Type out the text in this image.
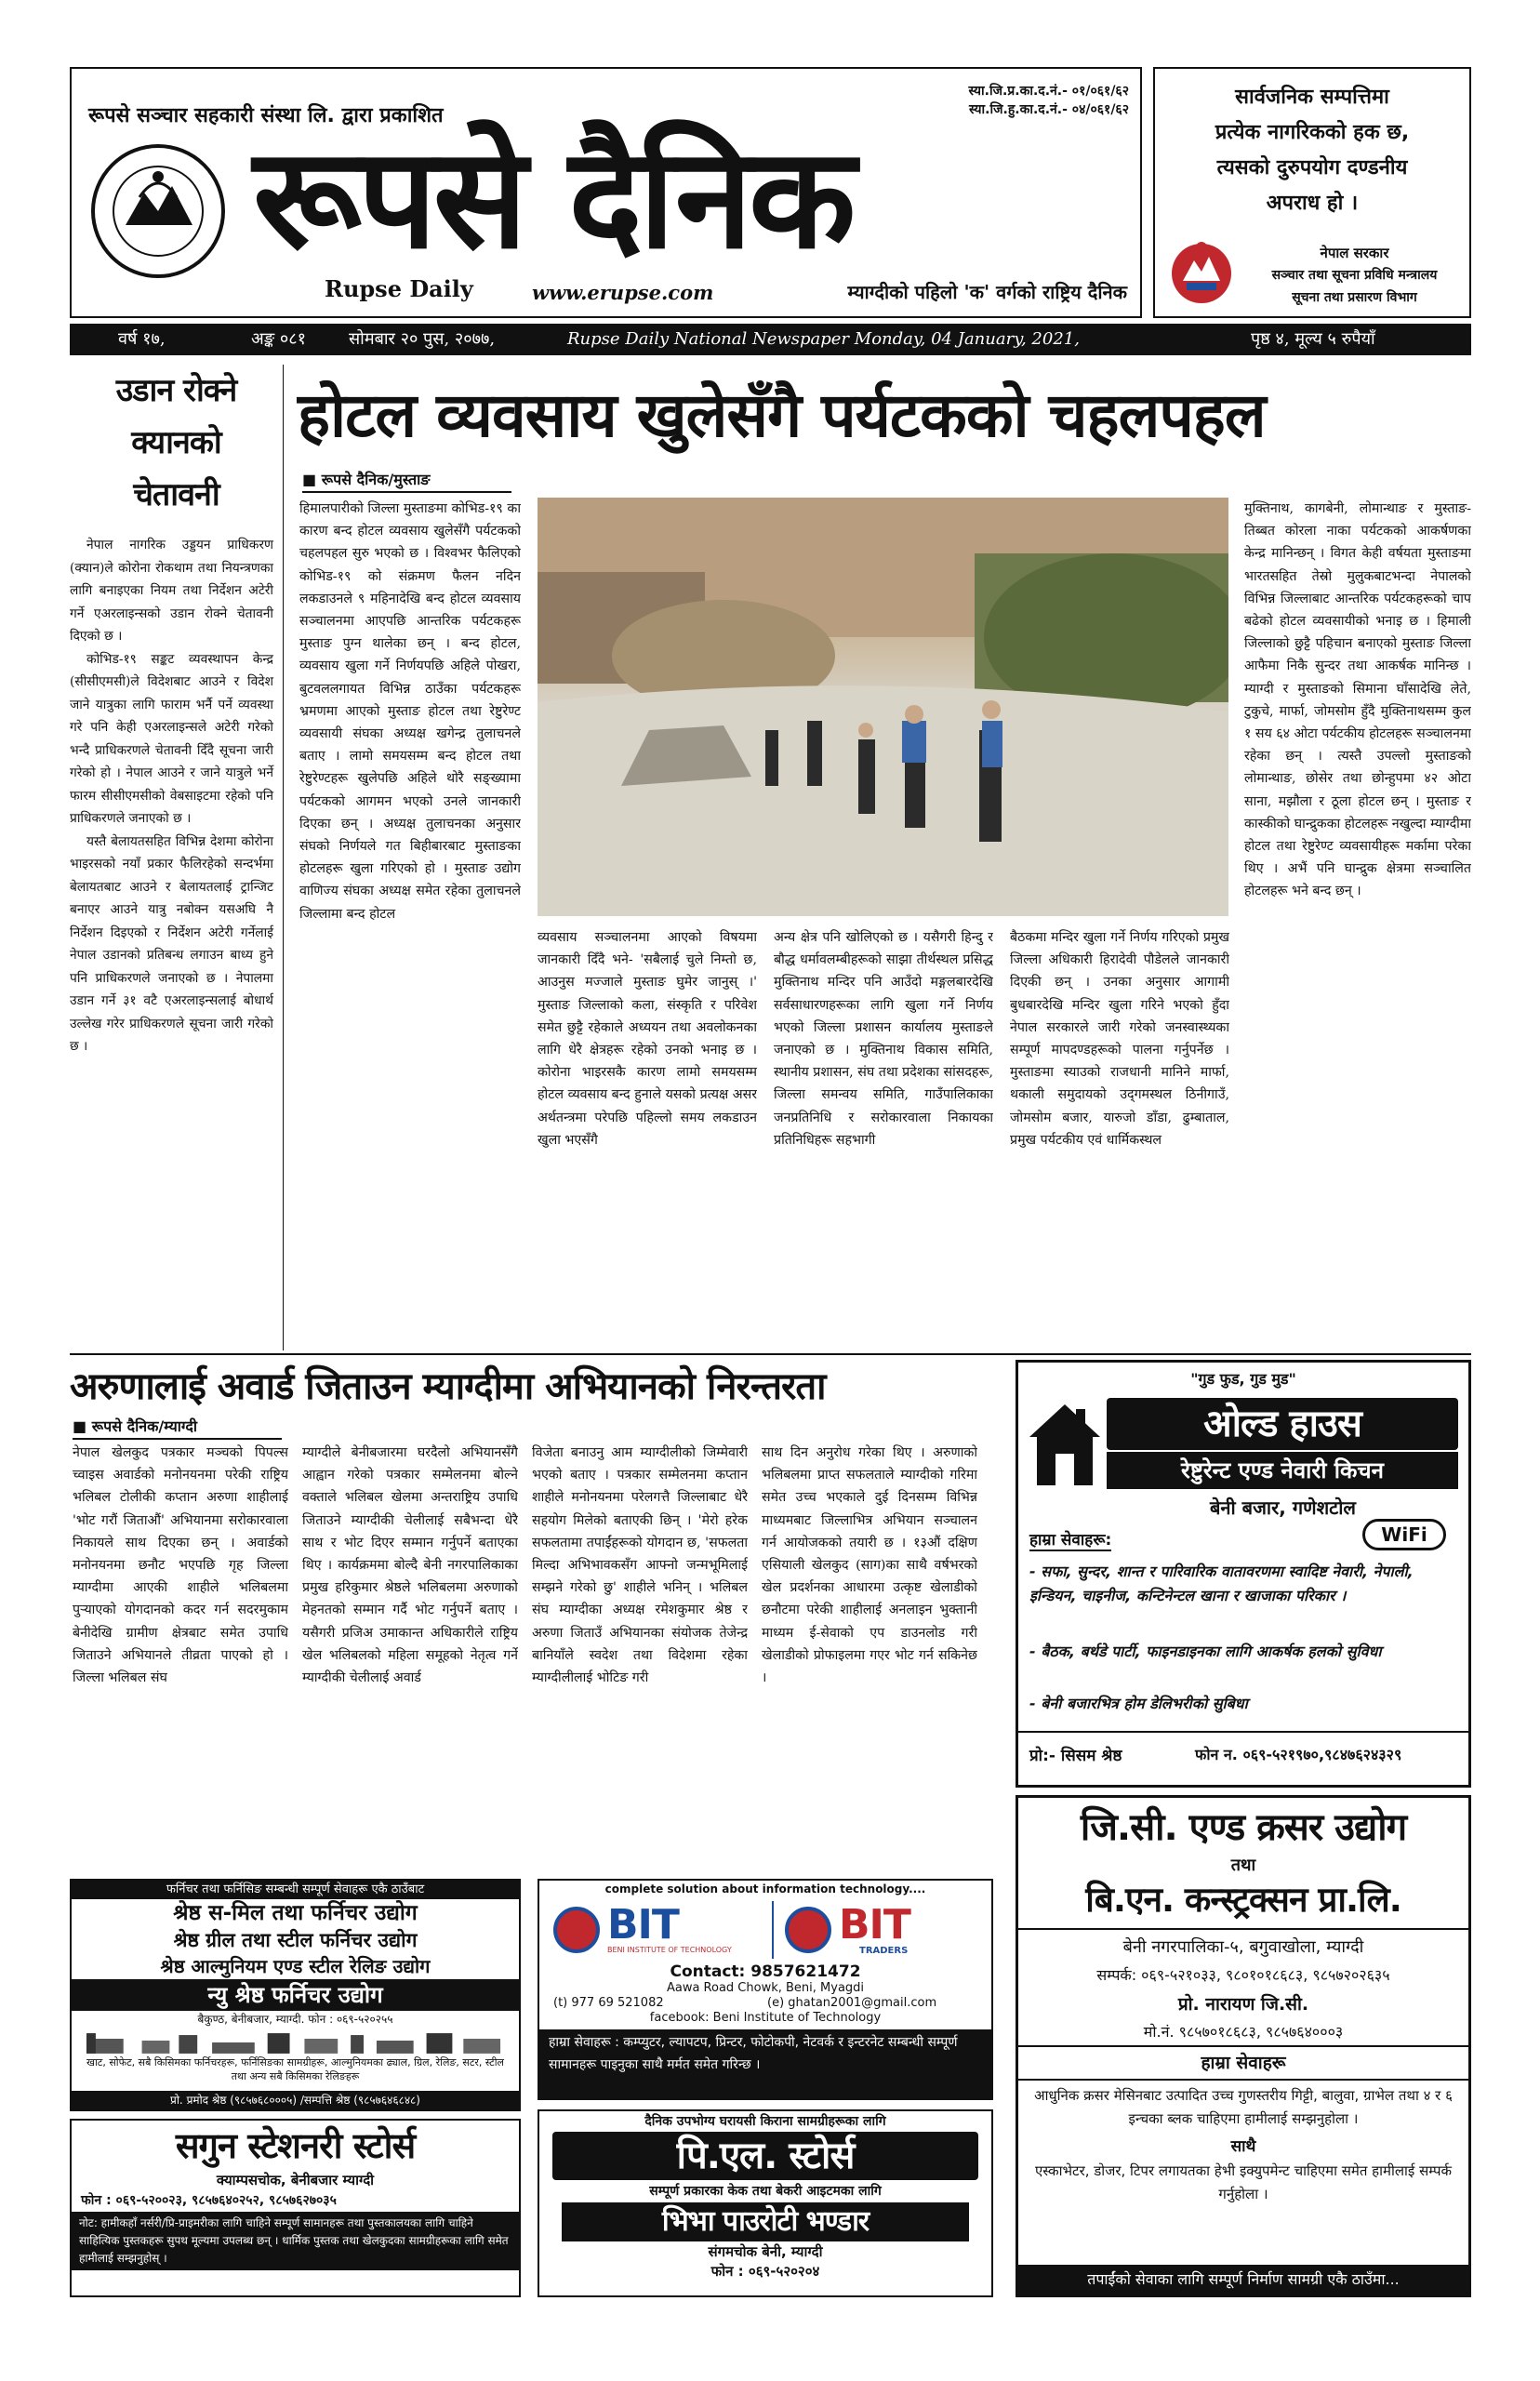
रूपसे सञ्चार सहकारी संस्था लि. द्वारा प्रकाशित
स्या.जि.प्र.का.द.नं.- ०१/०६१/६२
स्या.जि.हु.का.द.नं.- ०४/०६१/६२
रूपसे दैनिक
Rupse Daily	www.erupse.com	म्याग्दीको पहिलो 'क' वर्गको राष्ट्रिय दैनिक
सार्वजनिक सम्पत्तिमा
प्रत्येक नागरिकको हक छ,
त्यसको दुरुपयोग दण्डनीय
अपराध हो ।
नेपाल सरकार
सञ्चार तथा सूचना प्रविधि मन्त्रालय
सूचना तथा प्रसारण विभाग
वर्ष १७,	अङ्क ०८१	सोमबार २० पुस, २०७७,	Rupse Daily National Newspaper Monday, 04 January, 2021,	पृष्ठ ४, मूल्य ५ रुपैयाँ
उडान रोक्ने
क्यानको
चेतावनी

नेपाल नागरिक उड्डयन प्राधिकरण (क्यान)ले कोरोना रोकथाम तथा नियन्त्रणका लागि बनाइएका नियम तथा निर्देशन अटेरी गर्ने एअरलाइन्सको उडान रोक्ने चेतावनी दिएको छ ।

कोभिड-१९ सङ्कट व्यवस्थापन केन्द्र (सीसीएमसी)ले विदेशबाट आउने र विदेश जाने यात्रुका लागि फाराम भर्नै पर्ने व्यवस्था गरे पनि केही एअरलाइन्सले अटेरी गरेको भन्दै प्राधिकरणले चेतावनी दिँदै सूचना जारी गरेको हो । नेपाल आउने र जाने यात्रुले भर्ने फारम सीसीएमसीको वेबसाइटमा रहेको पनि प्राधिकरणले जनाएको छ ।

यस्तै बेलायतसहित विभिन्न देशमा कोरोना भाइरसको नयाँ प्रकार फैलिरहेको सन्दर्भमा बेलायतबाट आउने र बेलायतलाई ट्रान्जिट बनाएर आउने यात्रु नबोक्न यसअघि नै निर्देशन दिइएको र निर्देशन अटेरी गर्नेलाई नेपाल उडानको प्रतिबन्ध लगाउन बाध्य हुने पनि प्राधिकरणले जनाएको छ । नेपालमा उडान गर्ने ३१ वटै एअरलाइन्सलाई बोधार्थ उल्लेख गरेर प्राधिकरणले सूचना जारी गरेको छ ।

होटल व्यवसाय खुलेसँगै पर्यटकको चहलपहल
■ रूपसे दैनिक/मुस्ताङ
हिमालपारीको जिल्ला मुस्ताङमा कोभिड-१९ का कारण बन्द होटल व्यवसाय खुलेसँगै पर्यटकको चहलपहल सुरु भएको छ । विश्वभर फैलिएको कोभिड-१९ को संक्रमण फैलन नदिन लकडाउनले ९ महिनादेखि बन्द होटल व्यवसाय सञ्चालनमा आएपछि आन्तरिक पर्यटकहरू मुस्ताङ पुग्न थालेका छन् । बन्द होटल, व्यवसाय खुला गर्ने निर्णयपछि अहिले पोखरा, बुटवललगायत विभिन्न ठाउँका पर्यटकहरू भ्रमणमा आएको मुस्ताङ होटल तथा रेष्टुरेण्ट व्यवसायी संघका अध्यक्ष खगेन्द्र तुलाचनले बताए । लामो समयसम्म बन्द होटल तथा रेष्टुरेण्टहरू खुलेपछि अहिले थोरै सङ्ख्यामा पर्यटकको आगमन भएको उनले जानकारी दिएका छन् । अध्यक्ष तुलाचनका अनुसार संघको निर्णयले गत बिहीबारबाट मुस्ताङका होटलहरू खुला गरिएको हो । मुस्ताङ उद्योग वाणिज्य संघका अध्यक्ष समेत रहेका तुलाचनले जिल्लामा बन्द होटल
व्यवसाय सञ्चालनमा आएको विषयमा जानकारी दिँदै भने- 'सबैलाई चुले निम्तो छ, आउनुस मज्जाले मुस्ताङ घुमेर जानुस् ।' मुस्ताङ जिल्लाको कला, संस्कृति र परिवेश समेत छुट्टै रहेकाले अध्ययन तथा अवलोकनका लागि धेरै क्षेत्रहरू रहेको उनको भनाइ छ । कोरोना भाइरसकै कारण लामो समयसम्म होटल व्यवसाय बन्द हुनाले यसको प्रत्यक्ष असर अर्थतन्त्रमा परेपछि पहिल्लो समय लकडाउन खुला भएसँगै
अन्य क्षेत्र पनि खोलिएको छ । यसैगरी हिन्दु र बौद्ध धर्मावलम्बीहरूको साझा तीर्थस्थल प्रसिद्ध मुक्तिनाथ मन्दिर पनि आउँदो मङ्गलबारदेखि सर्वसाधारणहरूका लागि खुला गर्ने निर्णय भएको जिल्ला प्रशासन कार्यालय मुस्ताङले जनाएको छ । मुक्तिनाथ विकास समिति, स्थानीय प्रशासन, संघ तथा प्रदेशका सांसदहरू, जिल्ला समन्वय समिति, गाउँपालिकाका जनप्रतिनिधि र सरोकारवाला निकायका प्रतिनिधिहरू सहभागी
बैठकमा मन्दिर खुला गर्ने निर्णय गरिएको प्रमुख जिल्ला अधिकारी हिरादेवी पौडेलले जानकारी दिएकी छन् । उनका अनुसार आगामी बुधबारदेखि मन्दिर खुला गरिने भएको हुँदा नेपाल सरकारले जारी गरेको जनस्वास्थ्यका सम्पूर्ण मापदण्डहरूको पालना गर्नुपर्नेछ । मुस्ताङमा स्याउको राजधानी मानिने मार्फा, थकाली समुदायको उद्‍गमस्थल ठिनीगाउँ, जोमसोम बजार, यारुजो डाँडा, ढुम्बाताल, प्रमुख पर्यटकीय एवं धार्मिकस्थल
मुक्तिनाथ, कागबेनी, लोमान्थाङ र मुस्ताङ-तिब्बत कोरला नाका पर्यटकको आकर्षणका केन्द्र मानिन्छन् । विगत केही वर्षयता मुस्ताङमा भारतसहित तेस्रो मुलुकबाटभन्दा नेपालको विभिन्न जिल्लाबाट आन्तरिक पर्यटकहरूको चाप बढेको होटल व्यवसायीको भनाइ छ । हिमाली जिल्लाको छुट्टै पहिचान बनाएको मुस्ताङ जिल्ला आफैमा निकै सुन्दर तथा आकर्षक मानिन्छ । म्याग्दी र मुस्ताङको सिमाना घाँसादेखि लेते, टुकुचे, मार्फा, जोमसोम हुँदै मुक्तिनाथसम्म कुल १ सय ६४ ओटा पर्यटकीय होटलहरू सञ्चालनमा रहेका छन् । त्यस्तै उपल्लो मुस्ताङको लोमान्थाङ, छोसेर तथा छोन्हुपमा ४२ ओटा साना, मझौला र ठूला होटल छन् । मुस्ताङ र कास्कीको घान्द्रुकका होटलहरू नखुल्दा म्याग्दीमा होटल तथा रेष्टुरेण्ट व्यवसायीहरू मर्कामा परेका थिए । अभैं पनि घान्द्रुक क्षेत्रमा सञ्चालित होटलहरू भने बन्द छन् ।
अरुणालाई अवार्ड जिताउन म्याग्दीमा अभियानको निरन्तरता
■ रूपसे दैनिक/म्याग्दी
नेपाल खेलकुद पत्रकार मञ्चको पिपल्स च्वाइस अवार्डको मनोनयनमा परेकी राष्ट्रिय भलिबल टोलीकी कप्तान अरुणा शाहीलाई 'भोट गरौं जिताऔं' अभियानमा सरोकारवाला निकायले साथ दिएका छन् । अवार्डको मनोनयनमा छनौट भएपछि गृह जिल्ला म्याग्दीमा आएकी शाहीले भलिबलमा पुऱ्याएको योगदानको कदर गर्न सदरमुकाम बेनीदेखि ग्रामीण क्षेत्रबाट समेत उपाधि जिताउने अभियानले तीव्रता पाएको हो । जिल्ला भलिबल संघ
म्याग्दीले बेनीबजारमा घरदैलो अभियानसँगै आह्वान गरेको पत्रकार सम्मेलनमा बोल्ने वक्ताले भलिबल खेलमा अन्तराष्ट्रिय उपाधि जिताउने म्याग्दीकी चेलीलाई सबैभन्दा धेरै साथ र भोट दिएर सम्मान गर्नुपर्ने बताएका थिए । कार्यक्रममा बोल्दै बेनी नगरपालिकाका प्रमुख हरिकुमार श्रेष्ठले भलिबलमा अरुणाको मेहनतको सम्मान गर्दै भोट गर्नुपर्ने बताए । यसैगरी प्रजिअ उमाकान्त अधिकारीले राष्ट्रिय खेल भलिबलको महिला समूहको नेतृत्व गर्ने म्याग्दीकी चेलीलाई अवार्ड
विजेता बनाउनु आम म्याग्दीलीको जिम्मेवारी भएको बताए । पत्रकार सम्मेलनमा कप्तान शाहीले मनोनयनमा परेलगत्तै जिल्लाबाट धेरै सहयोग मिलेको बताएकी छिन् । 'मेरो हरेक सफलतामा तपाईंहरूको योगदान छ, 'सफलता मिल्दा अभिभावकसँग आफ्नो जन्मभूमिलाई सम्झने गरेको छु' शाहीले भनिन् । भलिबल संघ म्याग्दीका अध्यक्ष रमेशकुमार श्रेष्ठ र अरुणा जिताउँ अभियानका संयोजक तेजेन्द्र बानियाँले स्वदेश तथा विदेशमा रहेका म्याग्दीलीलाई भोटिङ गरी
साथ दिन अनुरोध गरेका थिए । अरुणाको भलिबलमा प्राप्त सफलताले म्याग्दीको गरिमा समेत उच्च भएकाले दुई दिनसम्म विभिन्न माध्यमबाट जिल्लाभित्र अभियान सञ्चालन गर्न आयोजकको तयारी छ । १३औं दक्षिण एसियाली खेलकुद (साग)का साथै वर्षभरको खेल प्रदर्शनका आधारमा उत्कृष्ट खेलाडीको छनौटमा परेकी शाहीलाई अनलाइन भुक्तानी माध्यम ई-सेवाको एप डाउनलोड गरी खेलाडीको प्रोफाइलमा गएर भोट गर्न सकिनेछ ।
"गुड फुड, गुड मुड"
ओल्ड हाउस
रेष्टुरेन्ट एण्ड नेवारी किचन
बेनी बजार, गणेशटोल
हाम्रा सेवाहरू:	WiFi
- सफा, सुन्दर, शान्त र पारिवारिक वातावरणमा स्वादिष्ट नेवारी, नेपाली, इन्डियन, चाइनीज, कन्टिनेन्टल खाना र खाजाका परिकार ।
- बैठक, बर्थडे पार्टी, फाइनडाइनका लागि आकर्षक हलको सुविधा
- बेनी बजारभित्र होम डेलिभरीको सुबिधा
प्रो:- सिसम श्रेष्ठ	फोन न. ०६९-५२१९७०,९८४७६२४३२९
जि.सी. एण्ड क्रसर उद्योग
तथा
बि.एन. कन्स्ट्रक्सन प्रा.लि.
बेनी नगरपालिका-५, बगुवाखोला, म्याग्दी
सम्पर्क: ०६९-५२१०३३, ९८०१०१८६८३, ९८५७२०२६३५
प्रो. नारायण जि.सी.
मो.नं. ९८५७०१८६८३, ९८५७६४०००३
हाम्रा सेवाहरू
आधुनिक क्रसर मेसिनबाट उत्पादित उच्च गुणस्तरीय गिट्टी, बालुवा, ग्राभेल तथा ४ र ६ इन्चका ब्लक चाहिएमा हामीलाई सम्झनुहोला ।
साथै
एस्काभेटर, डोजर, टिपर लगायतका हेभी इक्युपमेन्ट चाहिएमा समेत हामीलाई सम्पर्क गर्नुहोला ।
तपाईंको सेवाका लागि सम्पूर्ण निर्माण सामग्री एकै ठाउँमा...
फर्निचर तथा फर्निसिङ सम्बन्धी सम्पूर्ण सेवाहरू एकै ठाउँबाट
श्रेष्ठ स-मिल तथा फर्निचर उद्योग
श्रेष्ठ ग्रील तथा स्टील फर्निचर उद्योग
श्रेष्ठ आल्मुनियम एण्ड स्टील रेलिङ उद्योग
न्यु श्रेष्ठ फर्निचर उद्योग
बैकुण्ठ, बेनीबजार, म्याग्दी. फोन : ०६९-५२०२५५
खाट, सोफेट, सबै किसिमका फर्निचरहरू, फर्निसिङका सामग्रीहरू, आल्मुनियमका ढ्याल, ग्रिल, रेलिङ, सटर, स्टील तथा अन्य सबै किसिमका रेलिङहरू
प्रो. प्रमोद श्रेष्ठ (९८५७६८०००५) /सम्पत्ति श्रेष्ठ (९८५७६४६८४८)
complete solution about information technology....
BIT
BENI INSTITUTE OF TECHNOLOGY
BIT
TRADERS
Contact: 9857621472
Aawa Road Chowk, Beni, Myagdi
(t) 977 69 521082	(e) ghatan2001@gmail.com
facebook: Beni Institute of Technology
हाम्रा सेवाहरू : कम्प्युटर, ल्यापटप, प्रिन्टर, फोटोकपी, नेटवर्क र इन्टरनेट सम्बन्धी सम्पूर्ण सामानहरू पाइनुका साथै मर्मत समेत गरिन्छ ।
सगुन स्टेशनरी स्टोर्स
क्याम्पसचोक, बेनीबजार म्याग्दी
फोन : ०६९-५२००२३, ९८५७६४०२५२, ९८५७६२७०३५
नोट: हामीकहाँ नर्सरी/प्रि-प्राइमरीका लागि चाहिने सम्पूर्ण सामानहरू तथा पुस्तकालयका लागि चाहिने साहित्यिक पुस्तकहरू सुपथ मूल्यमा उपलब्ध छन् । धार्मिक पुस्तक तथा खेलकुदका सामग्रीहरूका लागि समेत हामीलाई सम्झनुहोस् ।
दैनिक उपभोग्य घरायसी किराना सामग्रीहरूका लागि
पि.एल. स्टोर्स
सम्पूर्ण प्रकारका केक तथा बेकरी आइटमका लागि
भिभा पाउरोटी भण्डार
संगमचोक बेनी, म्याग्दी
फोन : ०६९-५२०२०४
